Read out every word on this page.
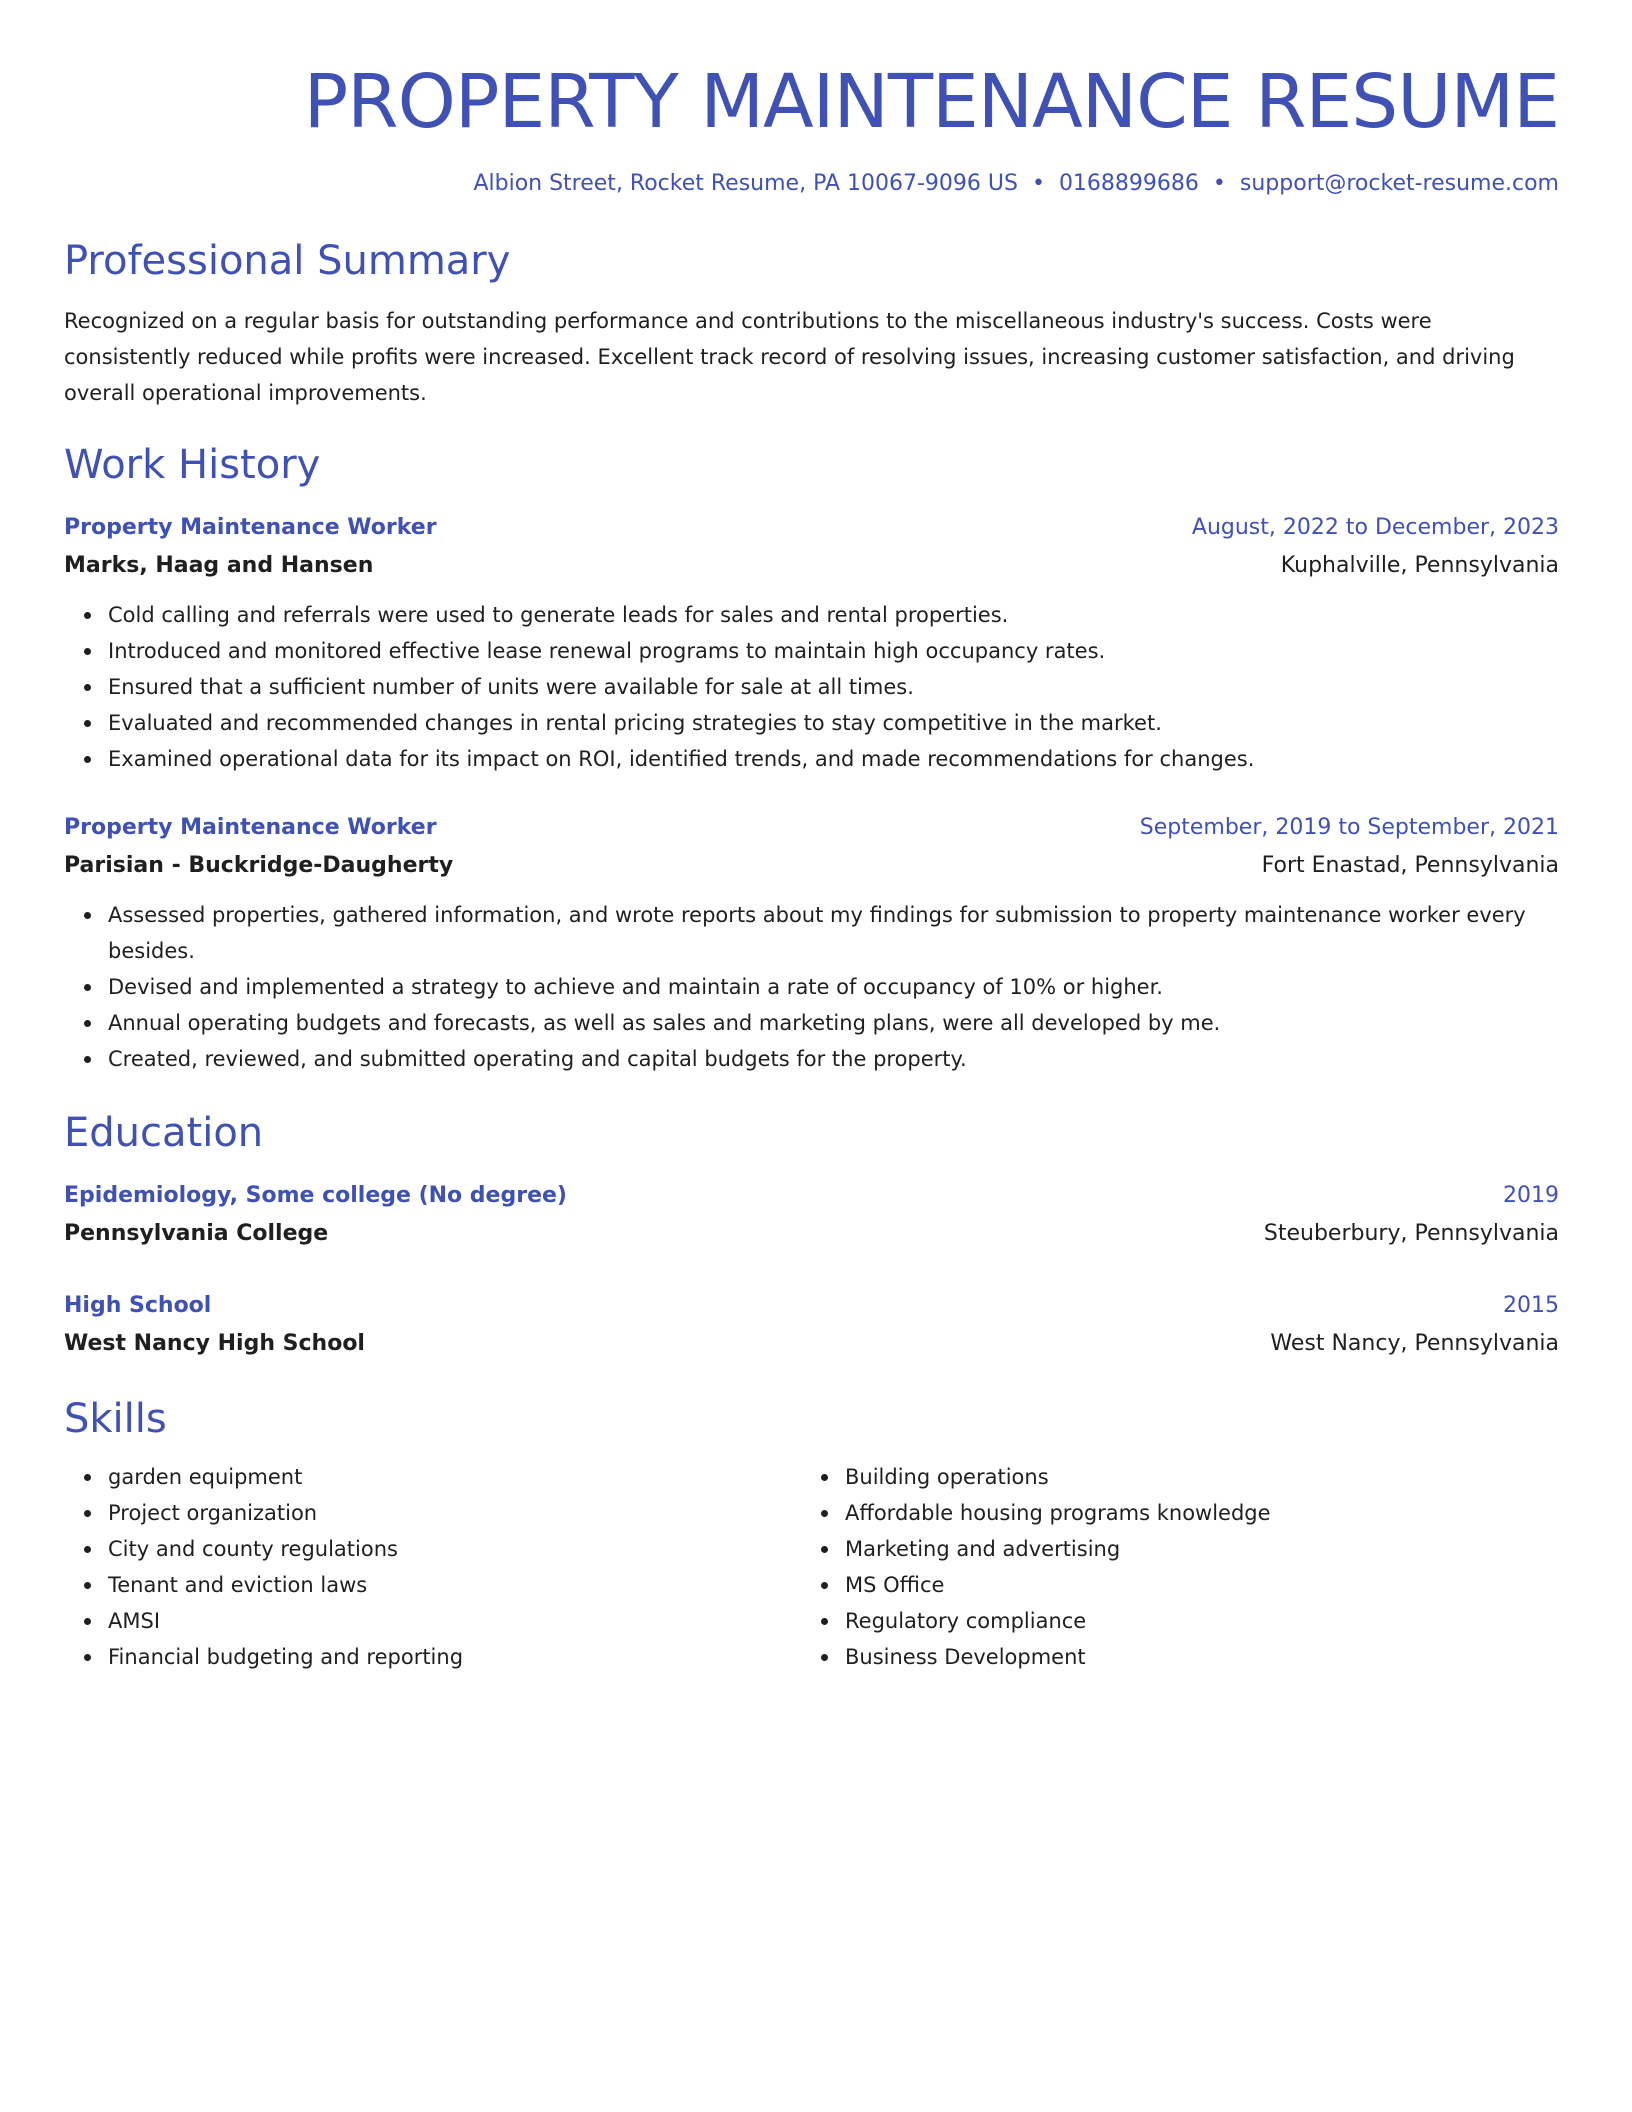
PROPERTY MAINTENANCE RESUME
Albion Street, Rocket Resume, PA 10067-9096 US • 0168899686 • support@rocket-resume.com
Professional Summary
Recognized on a regular basis for outstanding performance and contributions to the miscellaneous industry's success. Costs were consistently reduced while profits were increased. Excellent track record of resolving issues, increasing customer satisfaction, and driving overall operational improvements.
Work History
Property Maintenance Worker	August, 2022 to December, 2023
Marks, Haag and Hansen	Kuphalville, Pennsylvania
Cold calling and referrals were used to generate leads for sales and rental properties.
Introduced and monitored effective lease renewal programs to maintain high occupancy rates.
Ensured that a sufficient number of units were available for sale at all times.
Evaluated and recommended changes in rental pricing strategies to stay competitive in the market.
Examined operational data for its impact on ROI, identified trends, and made recommendations for changes.
Property Maintenance Worker	September, 2019 to September, 2021
Parisian - Buckridge-Daugherty	Fort Enastad, Pennsylvania
Assessed properties, gathered information, and wrote reports about my findings for submission to property maintenance worker every besides.
Devised and implemented a strategy to achieve and maintain a rate of occupancy of 10% or higher.
Annual operating budgets and forecasts, as well as sales and marketing plans, were all developed by me.
Created, reviewed, and submitted operating and capital budgets for the property.
Education
Epidemiology, Some college (No degree)	2019
Pennsylvania College	Steuberbury, Pennsylvania
High School	2015
West Nancy High School	West Nancy, Pennsylvania
Skills
garden equipment
Project organization
City and county regulations
Tenant and eviction laws
AMSI
Financial budgeting and reporting
Building operations
Affordable housing programs knowledge
Marketing and advertising
MS Office
Regulatory compliance
Business Development
